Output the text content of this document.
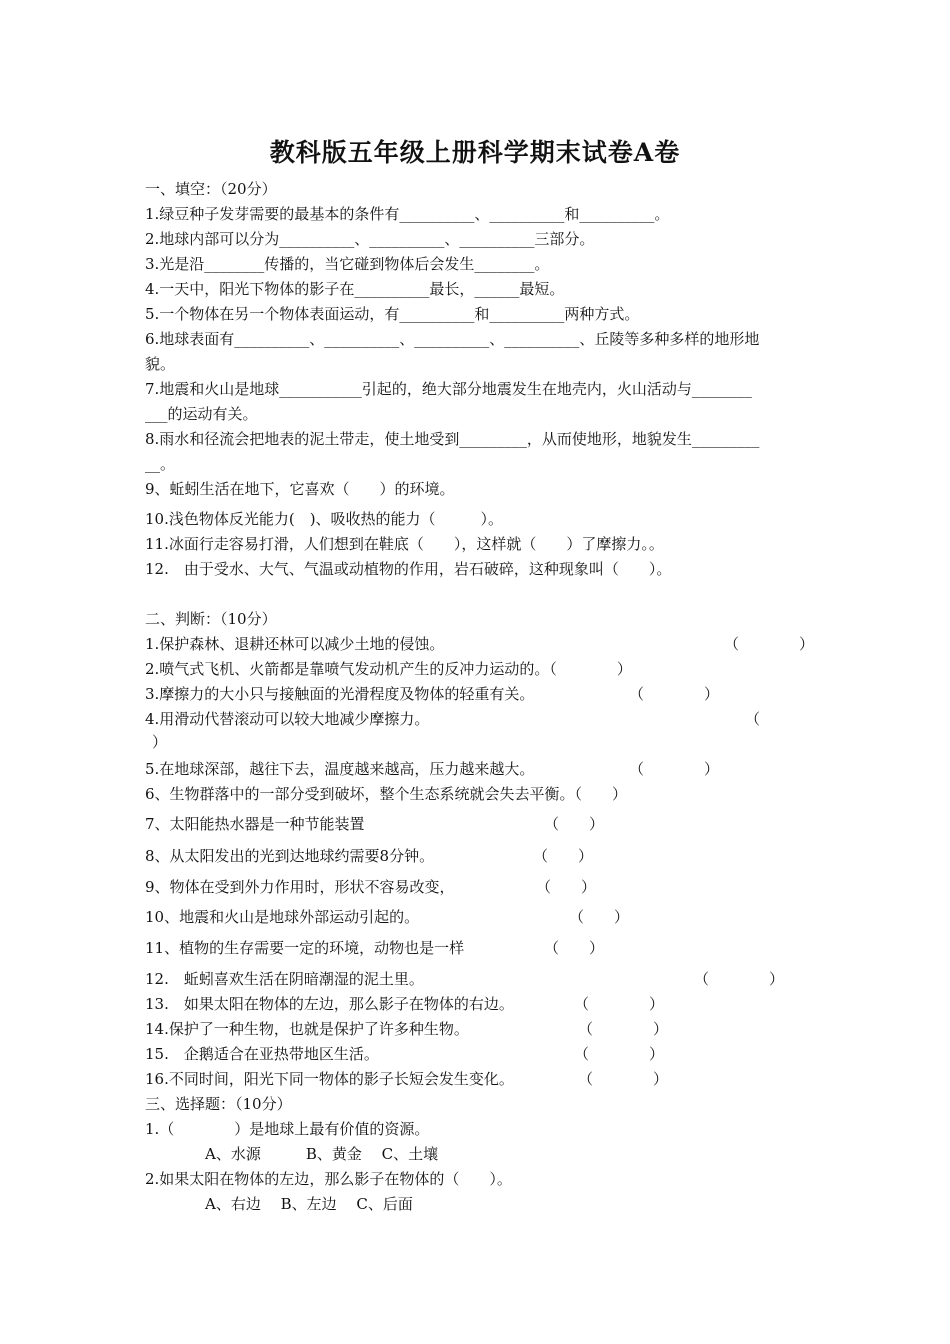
教科版五年级上册科学期末试卷A卷
一、填空：（20分）
1.绿豆种子发芽需要的最基本的条件有__________、__________和__________。
2.地球内部可以分为__________、__________、__________三部分。
3.光是沿________传播的，当它碰到物体后会发生________。
4.一天中，阳光下物体的影子在__________最长，______最短。
5.一个物体在另一个物体表面运动，有__________和__________两种方式。
6.地球表面有__________、__________、__________、__________、丘陵等多种多样的地形地
貌。
7.地震和火山是地球___________引起的，绝大部分地震发生在地壳内，火山活动与________
___的运动有关。
8.雨水和径流会把地表的泥土带走，使土地受到_________，从而使地形，地貌发生_________
__。
9、蚯蚓生活在地下，它喜欢（　　）的环境。
10.浅色物体反光能力(　)、吸收热的能力（　　　）。
11.冰面行走容易打滑，人们想到在鞋底（　　），这样就（　　）了摩擦力。。
12.　由于受水、大气、气温或动植物的作用，岩石破碎，这种现象叫（　　）。
二、判断：（10分）
1.保护森林、退耕还林可以减少土地的侵蚀。	（　　　　）
2.喷气式飞机、火箭都是靠喷气发动机产生的反冲力运动的。（　　　　）
3.摩擦力的大小只与接触面的光滑程度及物体的轻重有关。	（　　　　）
4.用滑动代替滚动可以较大地减少摩擦力。	（
）
5.在地球深部，越往下去，温度越来越高，压力越来越大。	（　　　　）
6、生物群落中的一部分受到破坏，整个生态系统就会失去平衡。（　　）
7、太阳能热水器是一种节能装置	（　　）
8、从太阳发出的光到达地球约需要8分钟。	（　　）
9、物体在受到外力作用时，形状不容易改变，	（　　）
10、地震和火山是地球外部运动引起的。	（　　）
11、植物的生存需要一定的环境，动物也是一样	（　　）
12.　蚯蚓喜欢生活在阴暗潮湿的泥土里。	（　　　　）
13.　如果太阳在物体的左边，那么影子在物体的右边。	（　　　　）
14.保护了一种生物，也就是保护了许多种生物。	（　　　　）
15.　企鹅适合在亚热带地区生活。	（　　　　）
16.不同时间，阳光下同一物体的影子长短会发生变化。	（　　　　）
三、选择题：（10分）
1.（　　　　）是地球上最有价值的资源。
　　　　A、水源　　　B、黄金　 C、土壤
2.如果太阳在物体的左边，那么影子在物体的（　　）。
　　　　A、右边　 B、左边　 C、后面
